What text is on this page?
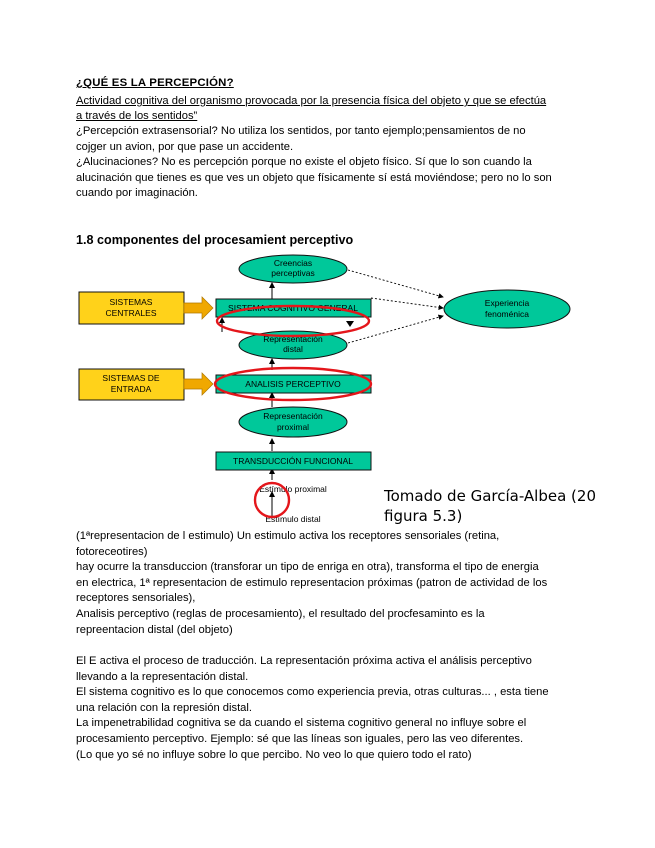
¿QUÉ ES LA PERCEPCIÓN?

Actividad cognitiva del organismo provocada por la presencia física del objeto y que se efectúa

a través de los sentidos”

¿Percepción extrasensorial? No utiliza los sentidos, por tanto ejemplo;pensamientos de no
cojger un avion, por que pase un accidente.
¿Alucinaciones? No es percepción porque no existe el objeto físico. Sí que lo son cuando la
alucinación que tienes es que ves un objeto que físicamente sí está moviéndose; pero no lo son
cuando por imaginación.

1.8 componentes del procesamient perceptivo

Creencias
perceptivas
Experiencia
fenoménica
SISTEMAS
CENTRALES	SISTEMA COGNITIVO GENERAL
Representación
distal
SISTEMAS DE
ENTRADA	ANALISIS PERCEPTIVO
Representación
proximal
TRANSDUCCIÓN FUNCIONAL
Estímulo proximal
Estímulo distal
Tomado de García-Albea (20
figura 5.3)
(1ªrepresentacion de l estimulo) Un estimulo activa los receptores sensoriales (retina,
fotoreceotires)
hay ocurre la transduccion (transforar un tipo de enriga en otra), transforma el tipo de energia
en electrica, 1ª representacion de estimulo representacion próximas (patron de actividad de los
receptores sensoriales),
Analisis perceptivo (reglas de procesamiento), el resultado del procfesaminto es la
repreentacion distal (del objeto)
El E activa el proceso de traducción. La representación próxima activa el análisis perceptivo
llevando a la representación distal.
El sistema cognitivo es lo que conocemos como experiencia previa, otras culturas... , esta tiene
una relación con la represión distal.
La impenetrabilidad cognitiva se da cuando el sistema cognitivo general no influye sobre el
procesamiento perceptivo. Ejemplo: sé que las líneas son iguales, pero las veo diferentes.
(Lo que yo sé no influye sobre lo que percibo. No veo lo que quiero todo el rato)
